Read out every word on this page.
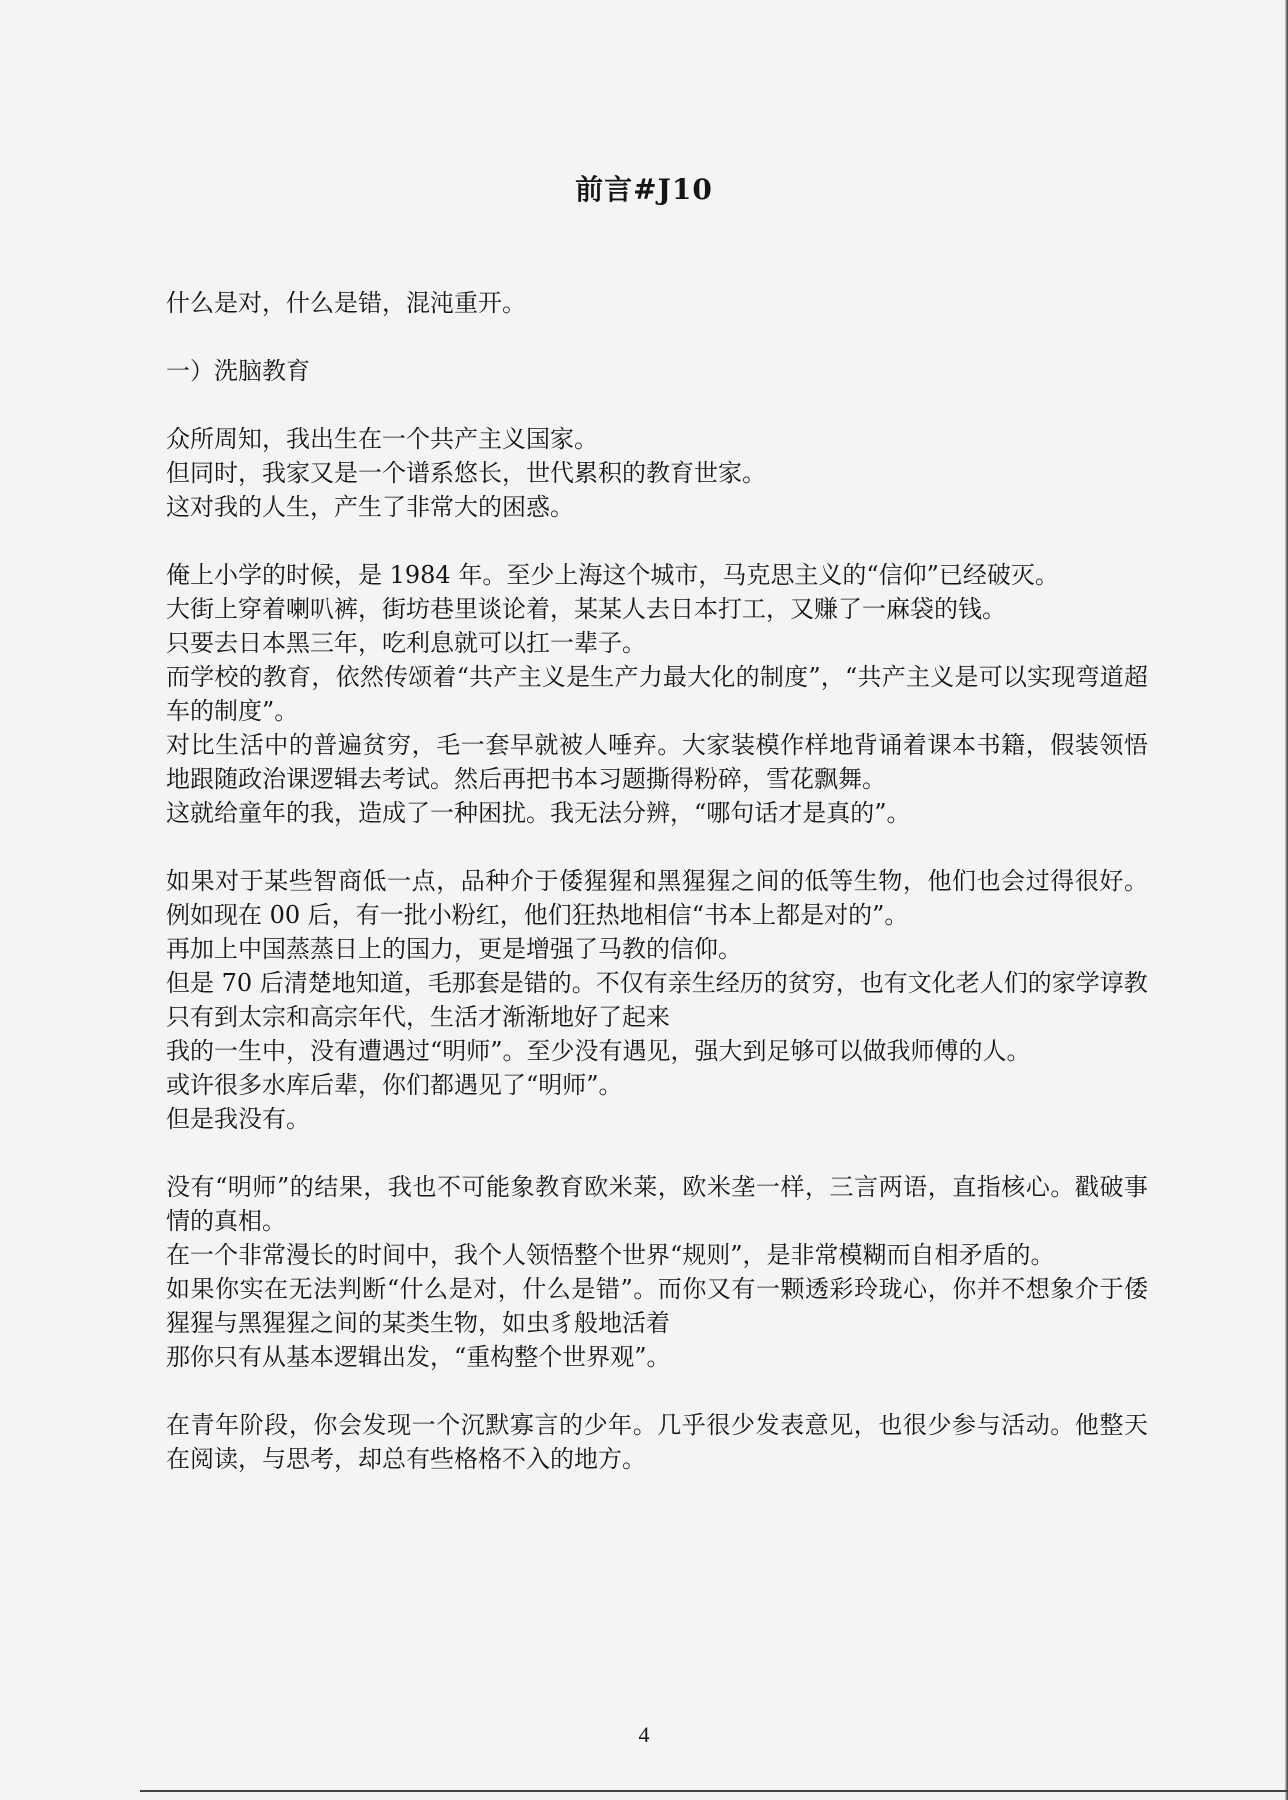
前言#J10
什么是对，什么是错，混沌重开。
一）洗脑教育
众所周知，我出生在一个共产主义国家。
但同时，我家又是一个谱系悠长，世代累积的教育世家。
这对我的人生，产生了非常大的困惑。
俺上小学的时候，是 1984 年。至少上海这个城市，马克思主义的“信仰”已经破灭。
大街上穿着喇叭裤，街坊巷里谈论着，某某人去日本打工，又赚了一麻袋的钱。
只要去日本黑三年，吃利息就可以扛一辈子。
而学校的教育，依然传颂着“共产主义是生产力最大化的制度”，“共产主义是可以实现弯道超车的制度”。
对比生活中的普遍贫穷，毛一套早就被人唾弃。大家装模作样地背诵着课本书籍，假装领悟地跟随政治课逻辑去考试。然后再把书本习题撕得粉碎，雪花飘舞。
这就给童年的我，造成了一种困扰。我无法分辨，“哪句话才是真的”。
如果对于某些智商低一点，品种介于倭猩猩和黑猩猩之间的低等生物，他们也会过得很好。例如现在 00 后，有一批小粉红，他们狂热地相信“书本上都是对的”。
再加上中国蒸蒸日上的国力，更是增强了马教的信仰。
但是 70 后清楚地知道，毛那套是错的。不仅有亲生经历的贫穷，也有文化老人们的家学谆教
只有到太宗和高宗年代，生活才渐渐地好了起来
我的一生中，没有遭遇过“明师”。至少没有遇见，强大到足够可以做我师傅的人。
或许很多水库后辈，你们都遇见了“明师”。
但是我没有。
没有“明师”的结果，我也不可能象教育欧米莱，欧米垄一样，三言两语，直指核心。戳破事情的真相。
在一个非常漫长的时间中，我个人领悟整个世界“规则”，是非常模糊而自相矛盾的。
如果你实在无法判断“什么是对，什么是错”。而你又有一颗透彩玲珑心，你并不想象介于倭猩猩与黑猩猩之间的某类生物，如虫豸般地活着
那你只有从基本逻辑出发，“重构整个世界观”。
在青年阶段，你会发现一个沉默寡言的少年。几乎很少发表意见，也很少参与活动。他整天在阅读，与思考，却总有些格格不入的地方。
4
